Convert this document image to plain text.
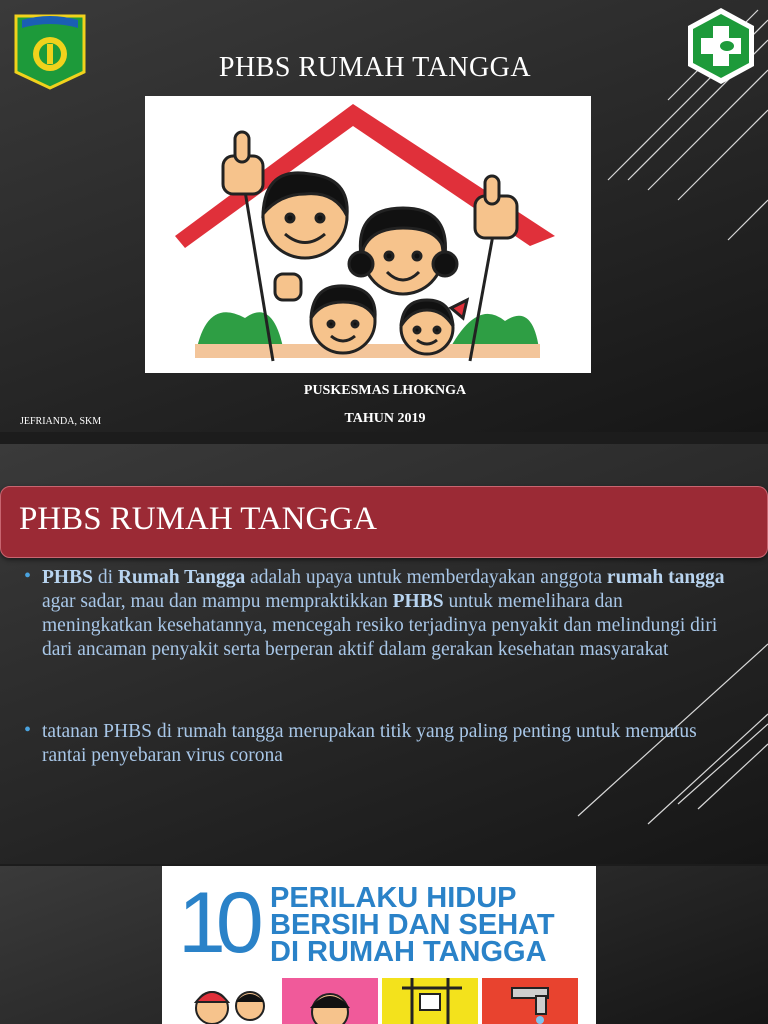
PHBS RUMAH TANGGA
PUSKESMAS LHOKNGA
TAHUN 2019
JEFRIANDA, SKM
PHBS RUMAH TANGGA
• PHBS di Rumah Tangga adalah upaya untuk memberdayakan anggota rumah tangga agar sadar, mau dan mampu mempraktikkan PHBS untuk memelihara dan meningkatkan kesehatannya, mencegah resiko terjadinya penyakit dan melindungi diri dari ancaman penyakit serta berperan aktif dalam gerakan kesehatan masyarakat
• tatanan PHBS di rumah tangga merupakan titik yang paling penting untuk memutus rantai penyebaran virus corona
10 PERILAKU HIDUP
BERSIH DAN SEHAT
DI RUMAH TANGGA
